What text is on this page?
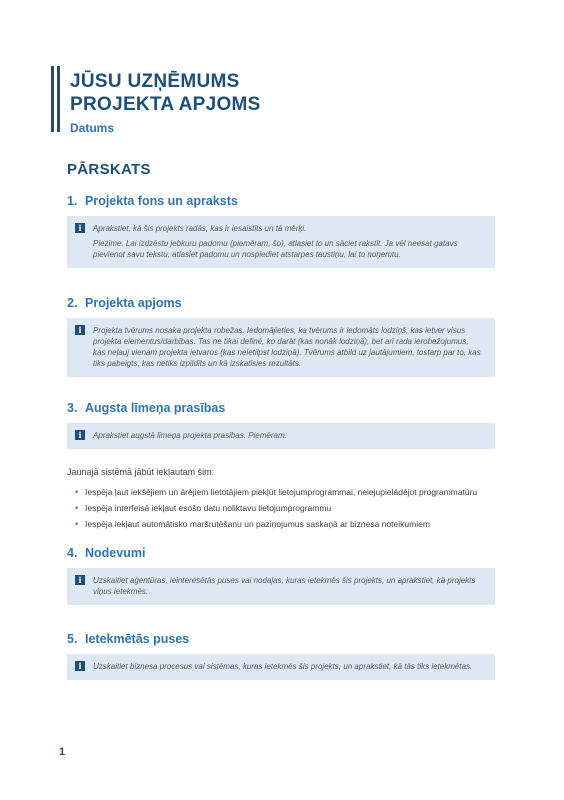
JŪSU UZŅĒMUMS
PROJEKTA APJOMS
Datums
PĀRSKATS
1. Projekta fons un apraksts
i	Aprakstiet, kā šis projekts radās, kas ir iesaistīts un tā mērķi.

Piezīme. Lai izdzēstu jebkuru padomu (piemēram, šo), atlasiet to un sāciet rakstīt. Ja vēl neesat gatavs pievienot savu tekstu, atlasiet padomu un nospiediet atstarpes taustiņu, lai to noņemtu.

2. Projekta apjoms
i	Projekta tvērums nosaka projekta robežas. Iedomājieties, ka tvērums ir iedomāts lodziņš, kas ietver visus projekta elementus/darbības. Tas ne tikai definē, ko darāt (kas nonāk lodziņā), bet arī rada ierobežojumus, kas neļauj vienam projekta ietvaros (kas neietilpst lodziņā). Tvērums atbild uz jautājumiem, tostarp par to, kas tiks pabeigts, kas netiks izpildīts un kā izskatīsies rezultāts.

3. Augsta līmeņa prasības
i	Aprakstiet augstā līmeņa projekta prasības. Piemēram:

Jaunajā sistēmā jābūt iekļautam šim:
• Iespēja ļaut iekšējiem un ārējiem lietotājiem piekļūt lietojumprogrammai, neiejupielādējot programmatūru
• Iespēja interfeisā iekļaut esošo datu noliktavu lietojumprogrammu
• Iespēja iekļaut automātisko maršrutēšanu un paziņojumus saskaņā ar biznesa noteikumiem
4. Nodevumi
i	Uzskaitiet aģentūras, ieinteresētās puses vai nodaļas, kuras ietekmēs šis projekts, un aprakstiet, kā projekts viņus ietekmēs.

5. Ietekmētās puses
i	Uzskaitiet biznesa procesus vai sistēmas, kuras ietekmēs šis projekts, un aprakstiet, kā tās tiks ietekmētas.

1
